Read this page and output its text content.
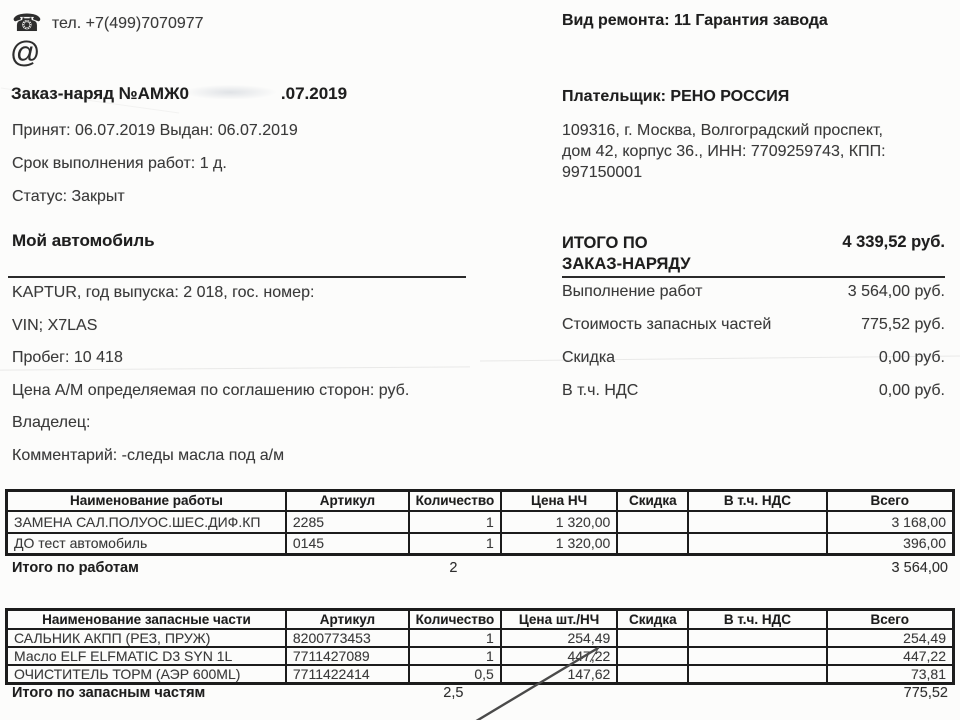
☎ тел. +7(499)7070977
@
Заказ-наряд №АМЖ0	.07.2019
Принят: 06.07.2019 Выдан: 06.07.2019
Срок выполнения работ: 1 д.
Статус: Закрыт
Мой автомобиль
KAPTUR, год выпуска: 2 018, гос. номер:
VIN; X7LAS
Пробег: 10 418
Цена А/М определяемая по соглашению сторон: руб.
Владелец:
Комментарий: -следы масла под а/м
Вид ремонта: 11 Гарантия завода
Плательщик: РЕНО РОССИЯ
109316, г. Москва, Волгоградский проспект,
дом 42, корпус 36., ИНН: 7709259743, КПП:
997150001
ИТОГО ПО
ЗАКАЗ-НАРЯДУ
4 339,52 руб.
Выполнение работ	3 564,00 руб.
Стоимость запасных частей	775,52 руб.
Скидка	0,00 руб.
В т.ч. НДС	0,00 руб.
Наименование работы	Артикул	Количество	Цена НЧ	Скидка	В т.ч. НДС	Всего
ЗАМЕНА САЛ.ПОЛУОС.ШЕС.ДИФ.КП	2285	1	1 320,00			3 168,00
ДО тест автомобиль	0145	1	1 320,00			396,00
Итого по работам	2	3 564,00
Наименование запасные части	Артикул	Количество	Цена шт./НЧ	Скидка	В т.ч. НДС	Всего
САЛЬНИК АКПП (РЕЗ, ПРУЖ)	8200773453	1	254,49			254,49
Масло ELF ELFMATIC D3 SYN 1L	7711427089	1	447,22			447,22
ОЧИСТИТЕЛЬ ТОРМ (АЭР 600ML)	7711422414	0,5	147,62			73,81
Итого по запасным частям	2,5	775,52
